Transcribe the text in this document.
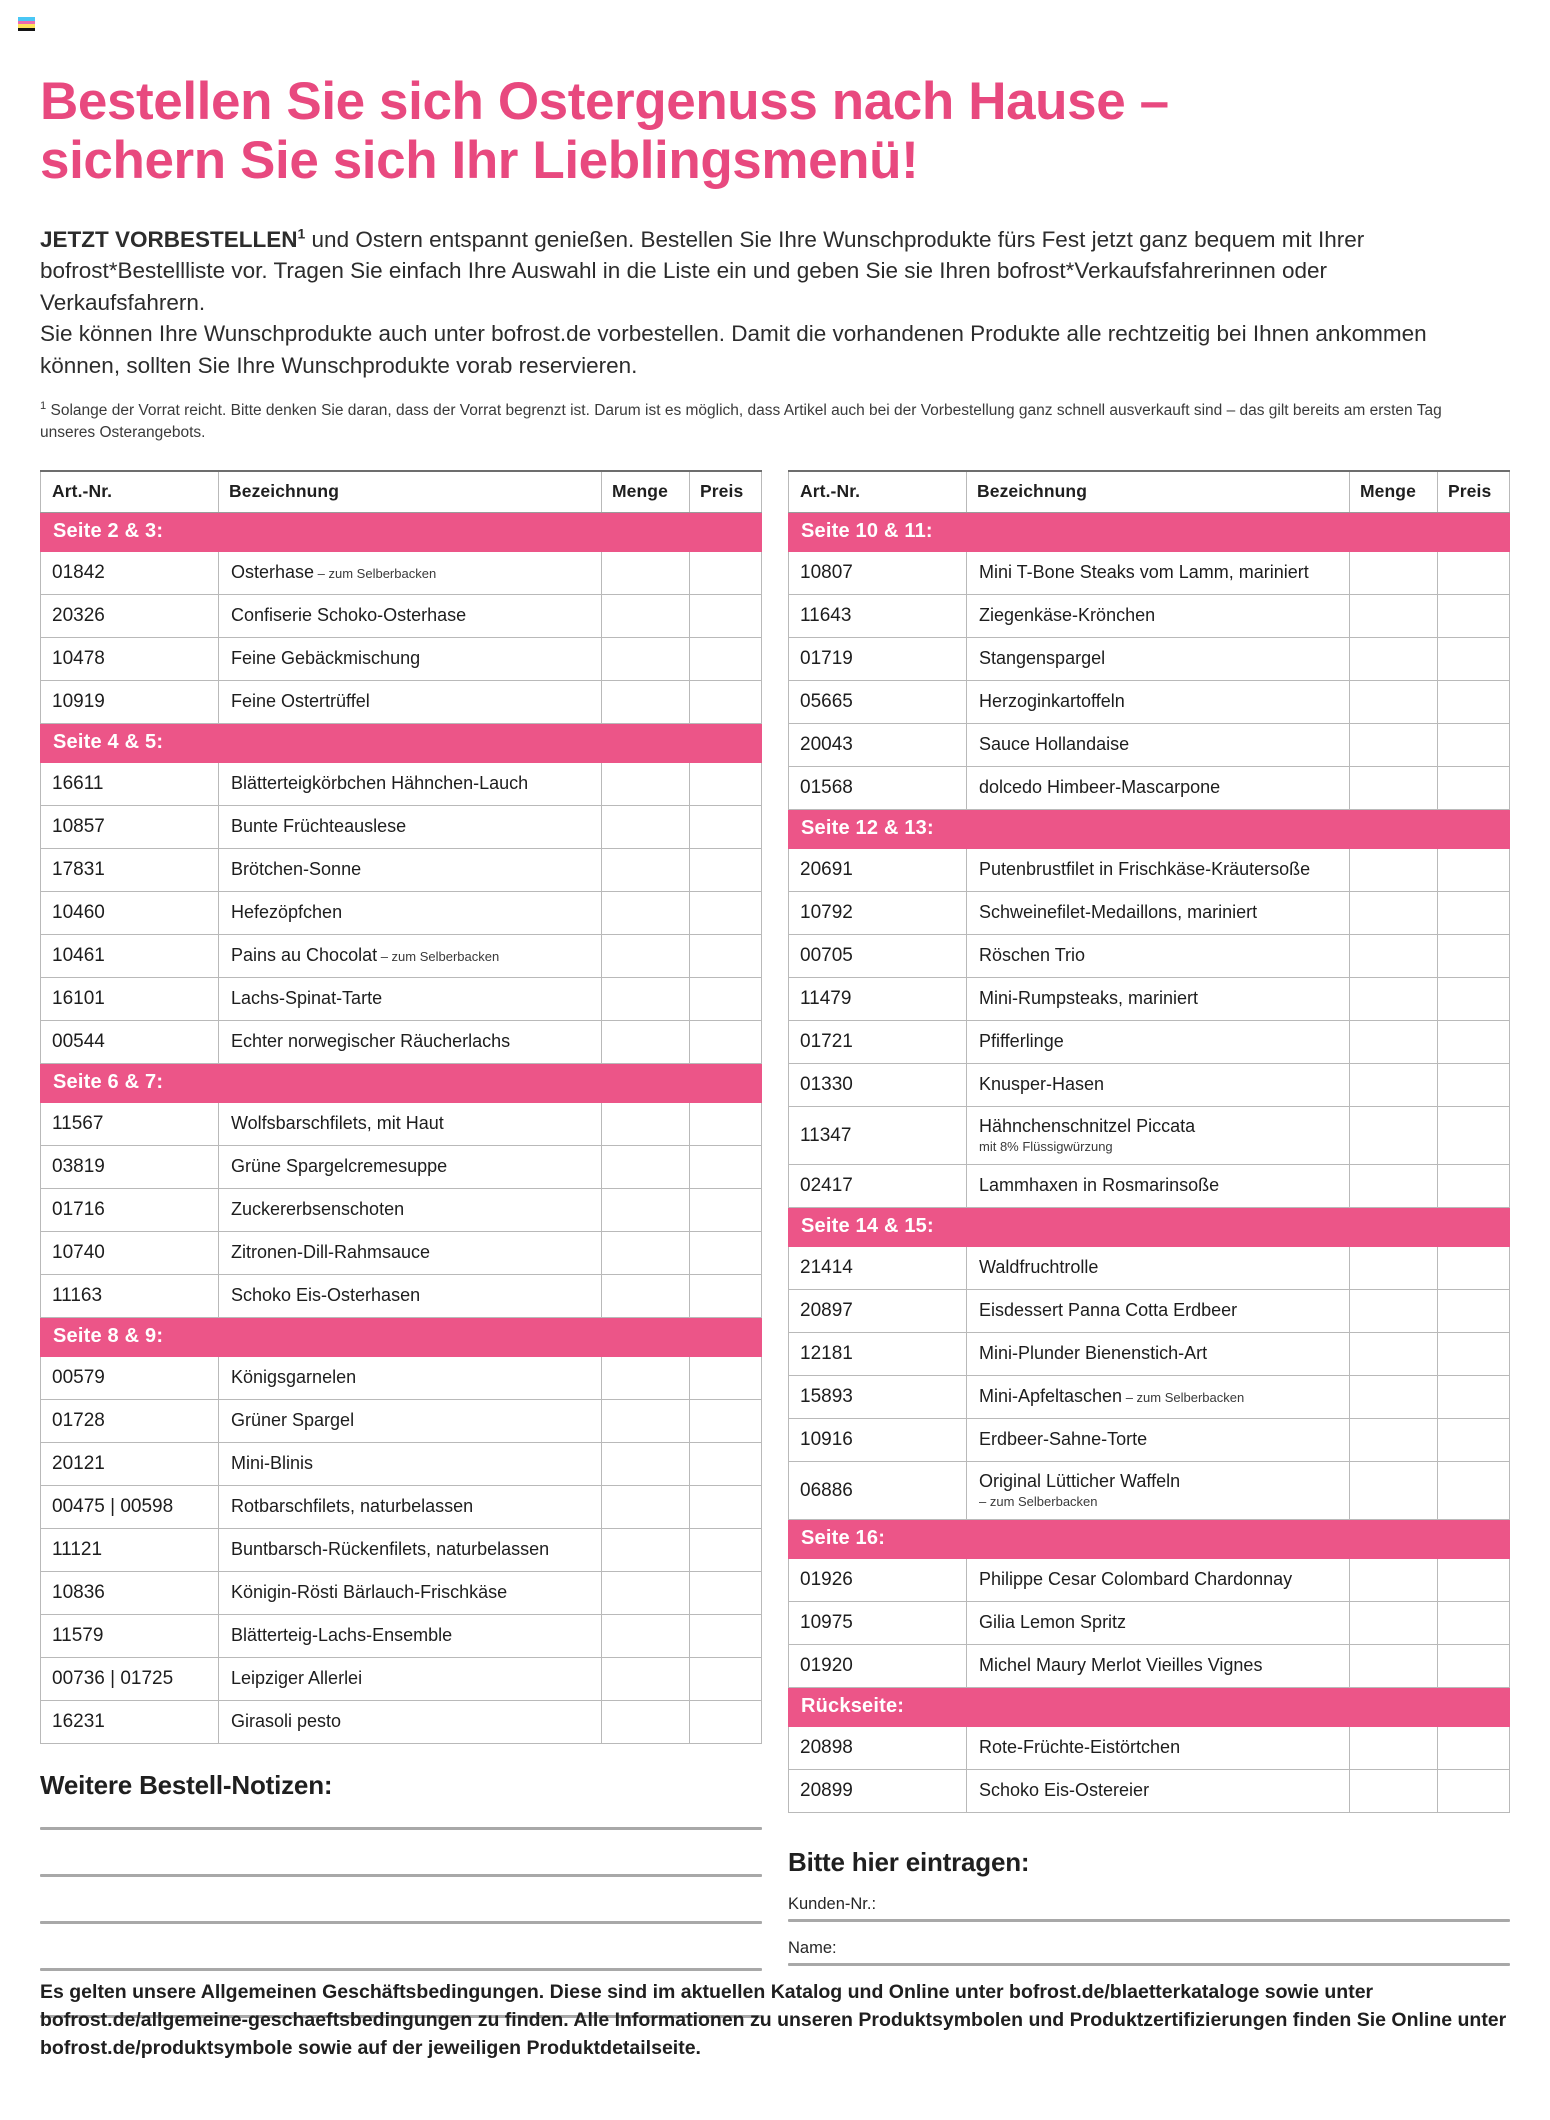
Bestellen Sie sich Ostergenuss nach Hause –
sichern Sie sich Ihr Lieblingsmenü!

JETZT VORBESTELLEN$^1$ und Ostern entspannt genießen. Bestellen Sie Ihre Wunschprodukte fürs Fest jetzt ganz bequem mit Ihrer bofrost*Bestellliste vor. Tragen Sie einfach Ihre Auswahl in die Liste ein und geben Sie sie Ihren bofrost*Verkaufsfahrerinnen oder Verkaufsfahrern.
Sie können Ihre Wunschprodukte auch unter bofrost.de vorbestellen. Damit die vorhandenen Produkte alle rechtzeitig bei Ihnen ankommen können, sollten Sie Ihre Wunschprodukte vorab reservieren.

$^1$ Solange der Vorrat reicht. Bitte denken Sie daran, dass der Vorrat begrenzt ist. Darum ist es möglich, dass Artikel auch bei der Vorbestellung ganz schnell ausverkauft sind – das gilt bereits am ersten Tag unseres Osterangebots.

Art.-Nr.	Bezeichnung	Menge	Preis
Seite 2 & 3:			
01842	Osterhase – zum Selberbacken		
20326	Confiserie Schoko-Osterhase		
10478	Feine Gebäckmischung		
10919	Feine Ostertrüffel		
Seite 4 & 5:			
16611	Blätterteigkörbchen Hähnchen-Lauch		
10857	Bunte Früchteauslese		
17831	Brötchen-Sonne		
10460	Hefezöpfchen		
10461	Pains au Chocolat – zum Selberbacken		
16101	Lachs-Spinat-Tarte		
00544	Echter norwegischer Räucherlachs		
Seite 6 & 7:			
11567	Wolfsbarschfilets, mit Haut		
03819	Grüne Spargelcremesuppe		
01716	Zuckererbsenschoten		
10740	Zitronen-Dill-Rahmsauce		
11163	Schoko Eis-Osterhasen		
Seite 8 & 9:			
00579	Königsgarnelen		
01728	Grüner Spargel		
20121	Mini-Blinis		
00475 | 00598	Rotbarschfilets, naturbelassen		
11121	Buntbarsch-Rückenfilets, naturbelassen		
10836	Königin-Rösti Bärlauch-Frischkäse		
11579	Blätterteig-Lachs-Ensemble		
00736 | 01725	Leipziger Allerlei		
16231	Girasoli pesto		
Weitere Bestell-Notizen:
Art.-Nr.	Bezeichnung	Menge	Preis
Seite 10 & 11:			
10807	Mini T-Bone Steaks vom Lamm, mariniert		
11643	Ziegenkäse-Krönchen		
01719	Stangenspargel		
05665	Herzoginkartoffeln		
20043	Sauce Hollandaise		
01568	dolcedo Himbeer-Mascarpone		
Seite 12 & 13:			
20691	Putenbrustfilet in Frischkäse-Kräutersoße		
10792	Schweinefilet-Medaillons, mariniert		
00705	Röschen Trio		
11479	Mini-Rumpsteaks, mariniert		
01721	Pfifferlinge		
01330	Knusper-Hasen		
11347	Hähnchenschnitzel Piccata
mit 8% Flüssigwürzung		

02417	Lammhaxen in Rosmarinsoße		
Seite 14 & 15:			
21414	Waldfruchtrolle		
20897	Eisdessert Panna Cotta Erdbeer		
12181	Mini-Plunder Bienenstich-Art		
15893	Mini-Apfeltaschen – zum Selberbacken		
10916	Erdbeer-Sahne-Torte		
06886	Original Lütticher Waffeln
– zum Selberbacken		

Seite 16:			
01926	Philippe Cesar Colombard Chardonnay		
10975	Gilia Lemon Spritz		
01920	Michel Maury Merlot Vieilles Vignes		
Rückseite:			
20898	Rote-Früchte-Eistörtchen		
20899	Schoko Eis-Ostereier		
Bitte hier eintragen:
Kunden-Nr.:
Name:

Es gelten unsere Allgemeinen Geschäftsbedingungen. Diese sind im aktuellen Katalog und Online unter bofrost.de/blaetterkataloge sowie unter bofrost.de/allgemeine-geschaeftsbedingungen zu finden. Alle Informationen zu unseren Produktsymbolen und Produktzertifizierungen finden Sie Online unter bofrost.de/produktsymbole sowie auf der jeweiligen Produktdetailseite.
